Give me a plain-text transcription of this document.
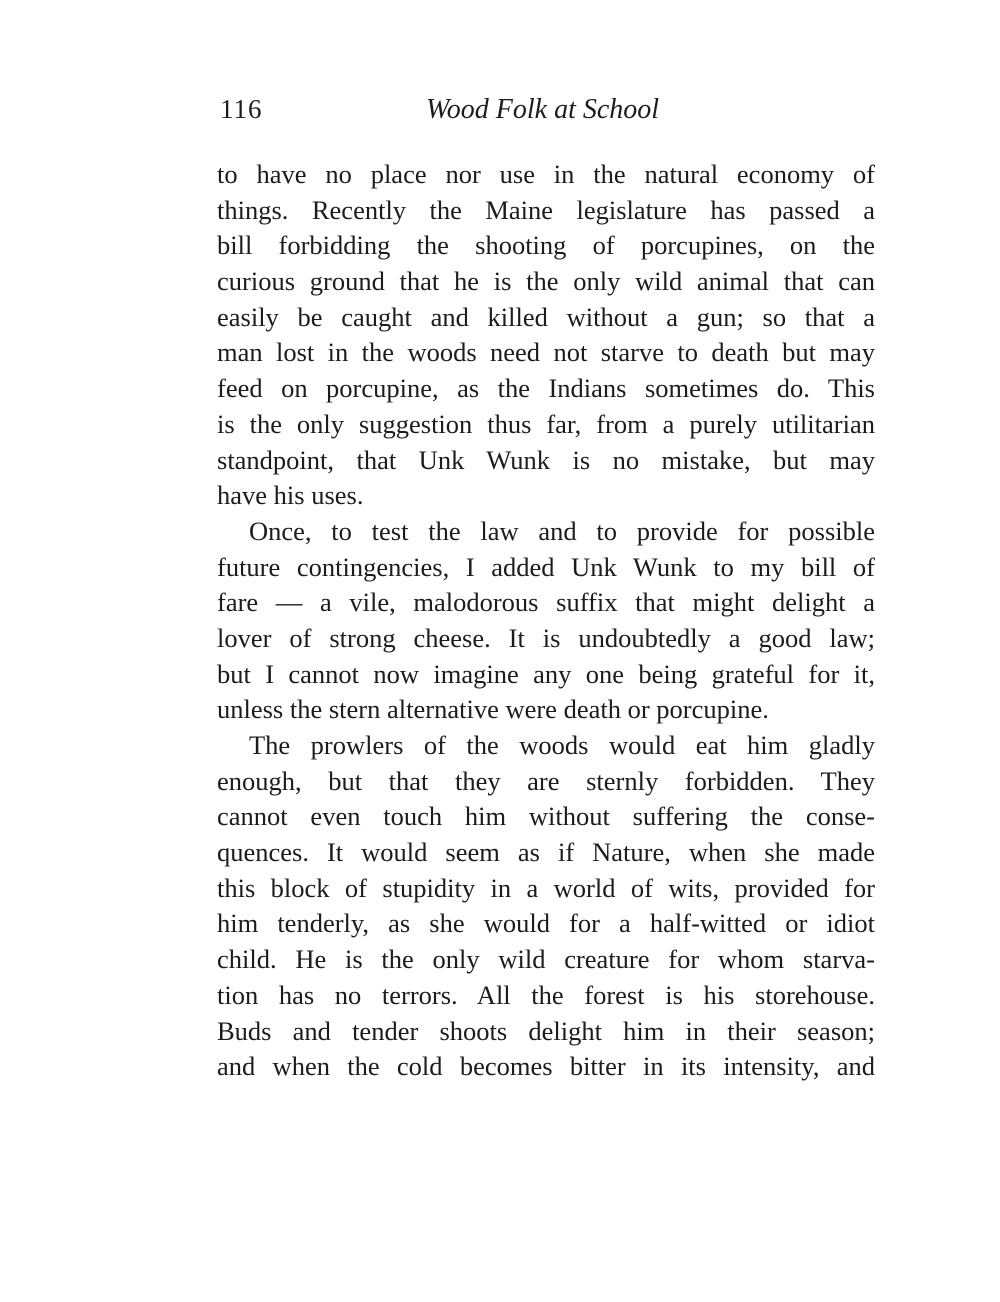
116	Wood Folk at School
to have no place nor use in the natural economy of
things. Recently the Maine legislature has passed a
bill forbidding the shooting of porcupines, on the
curious ground that he is the only wild animal that can
easily be caught and killed without a gun; so that a
man lost in the woods need not starve to death but may
feed on porcupine, as the Indians sometimes do. This
is the only suggestion thus far, from a purely utilitarian
standpoint, that Unk Wunk is no mistake, but may
have his uses.
Once, to test the law and to provide for possible
future contingencies, I added Unk Wunk to my bill of
fare — a vile, malodorous suffix that might delight a
lover of strong cheese. It is undoubtedly a good law;
but I cannot now imagine any one being grateful for it,
unless the stern alternative were death or porcupine.
The prowlers of the woods would eat him gladly
enough, but that they are sternly forbidden. They
cannot even touch him without suffering the conse-
quences. It would seem as if Nature, when she made
this block of stupidity in a world of wits, provided for
him tenderly, as she would for a half-witted or idiot
child. He is the only wild creature for whom starva-
tion has no terrors. All the forest is his storehouse.
Buds and tender shoots delight him in their season;
and when the cold becomes bitter in its intensity, and
